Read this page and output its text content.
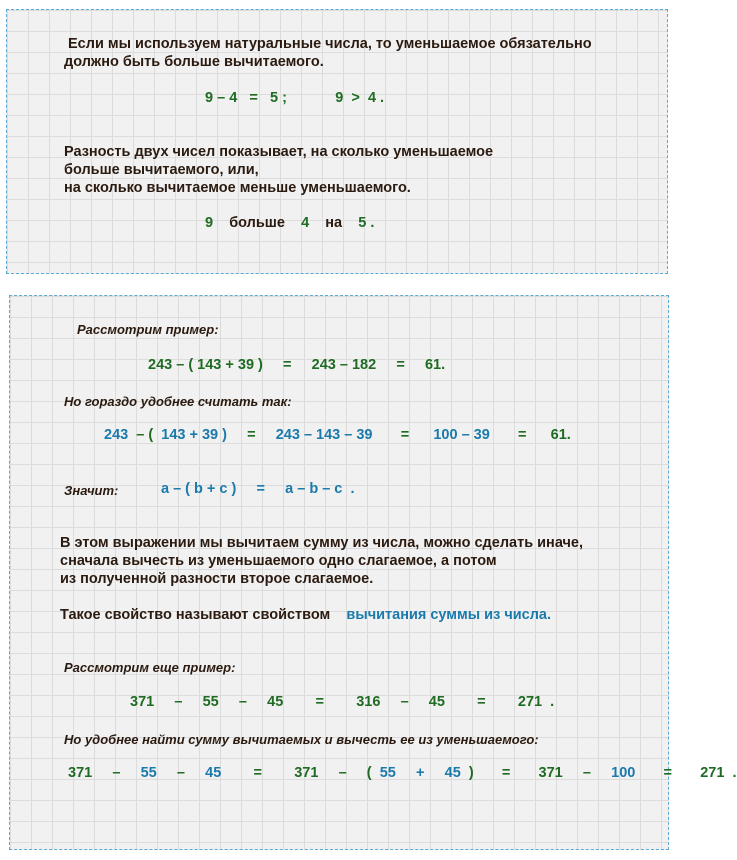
Если мы используем натуральные числа, то уменьшаемое обязательно
должно быть больше вычитаемого.
9 – 4 = 5 ;	9 > 4 .
Разность двух чисел показывает, на сколько уменьшаемое
больше вычитаемого, или,
на сколько вычитаемое меньше уменьшаемого.
9 больше 4 на 5 .
Рассмотрим пример:
243 – ( 143 + 39 ) = 243 – 182 = 61.
Но гораздо удобнее считать так:
243 – ( 143 + 39 ) = 243 – 143 – 39 = 100 – 39 = 61.
Значит:	a – ( b + c ) = a – b – c .
В этом выражении мы вычитаем сумму из числа, можно сделать иначе,
сначала вычесть из уменьшаемого одно слагаемое, а потом
из полученной разности второе слагаемое.
Такое свойство называют свойством вычитания суммы из числа.
Рассмотрим еще пример:
371 – 55 – 45 = 316 – 45 = 271 .
Но удобнее найти сумму вычитаемых и вычесть ее из уменьшаемого:
371 – 55 – 45 = 371 – ( 55 + 45 ) = 371 – 100 = 271 .
